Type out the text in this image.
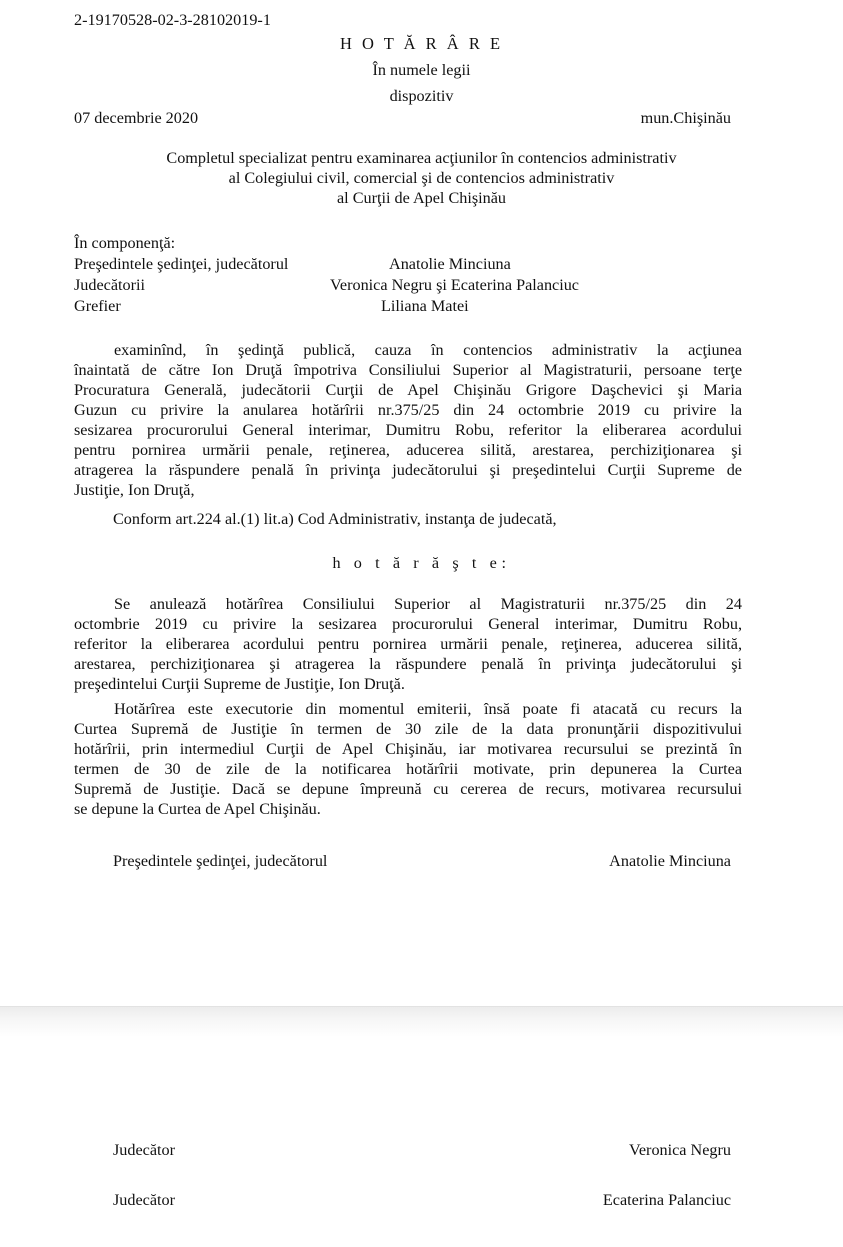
2-19170528-02-3-28102019-1
H O T Ă R Â R E
În numele legii
dispozitiv
07 decembrie 2020	mun.Chişinău
Completul specializat pentru examinarea acţiunilor în contencios administrativ
al Colegiului civil, comercial şi de contencios administrativ
al Curţii de Apel Chişinău
În componenţă:
Preşedintele şedinţei, judecătorul	Anatolie Minciuna
Judecătorii	Veronica Negru şi Ecaterina Palanciuc
Grefier	Liliana Matei
examinînd, în şedinţă publică, cauza în contencios administrativ la acţiunea
înaintată de către Ion Druţă împotriva Consiliului Superior al Magistraturii, persoane terţe
Procuratura Generală, judecătorii Curţii de Apel Chişinău Grigore Daşchevici şi Maria
Guzun cu privire la anularea hotărîrii nr.375/25 din 24 octombrie 2019 cu privire la
sesizarea procurorului General interimar, Dumitru Robu, referitor la eliberarea acordului
pentru pornirea urmării penale, reţinerea, aducerea silită, arestarea, perchiziţionarea şi
atragerea la răspundere penală în privinţa judecătorului şi preşedintelui Curţii Supreme de
Justiţie, Ion Druţă,
Conform art.224 al.(1) lit.a) Cod Administrativ, instanţa de judecată,
h o t ă r ă ş t e:
Se anulează hotărîrea Consiliului Superior al Magistraturii nr.375/25 din 24
octombrie 2019 cu privire la sesizarea procurorului General interimar, Dumitru Robu,
referitor la eliberarea acordului pentru pornirea urmării penale, reţinerea, aducerea silită,
arestarea, perchiziţionarea şi atragerea la răspundere penală în privinţa judecătorului şi
preşedintelui Curţii Supreme de Justiţie, Ion Druţă.
Hotărîrea este executorie din momentul emiterii, însă poate fi atacată cu recurs la
Curtea Supremă de Justiţie în termen de 30 zile de la data pronunţării dispozitivului
hotărîrii, prin intermediul Curţii de Apel Chişinău, iar motivarea recursului se prezintă în
termen de 30 de zile de la notificarea hotărîrii motivate, prin depunerea la Curtea
Supremă de Justiţie. Dacă se depune împreună cu cererea de recurs, motivarea recursului
se depune la Curtea de Apel Chişinău.
Preşedintele şedinţei, judecătorul	Anatolie Minciuna
Judecător	Veronica Negru
Judecător	Ecaterina Palanciuc
